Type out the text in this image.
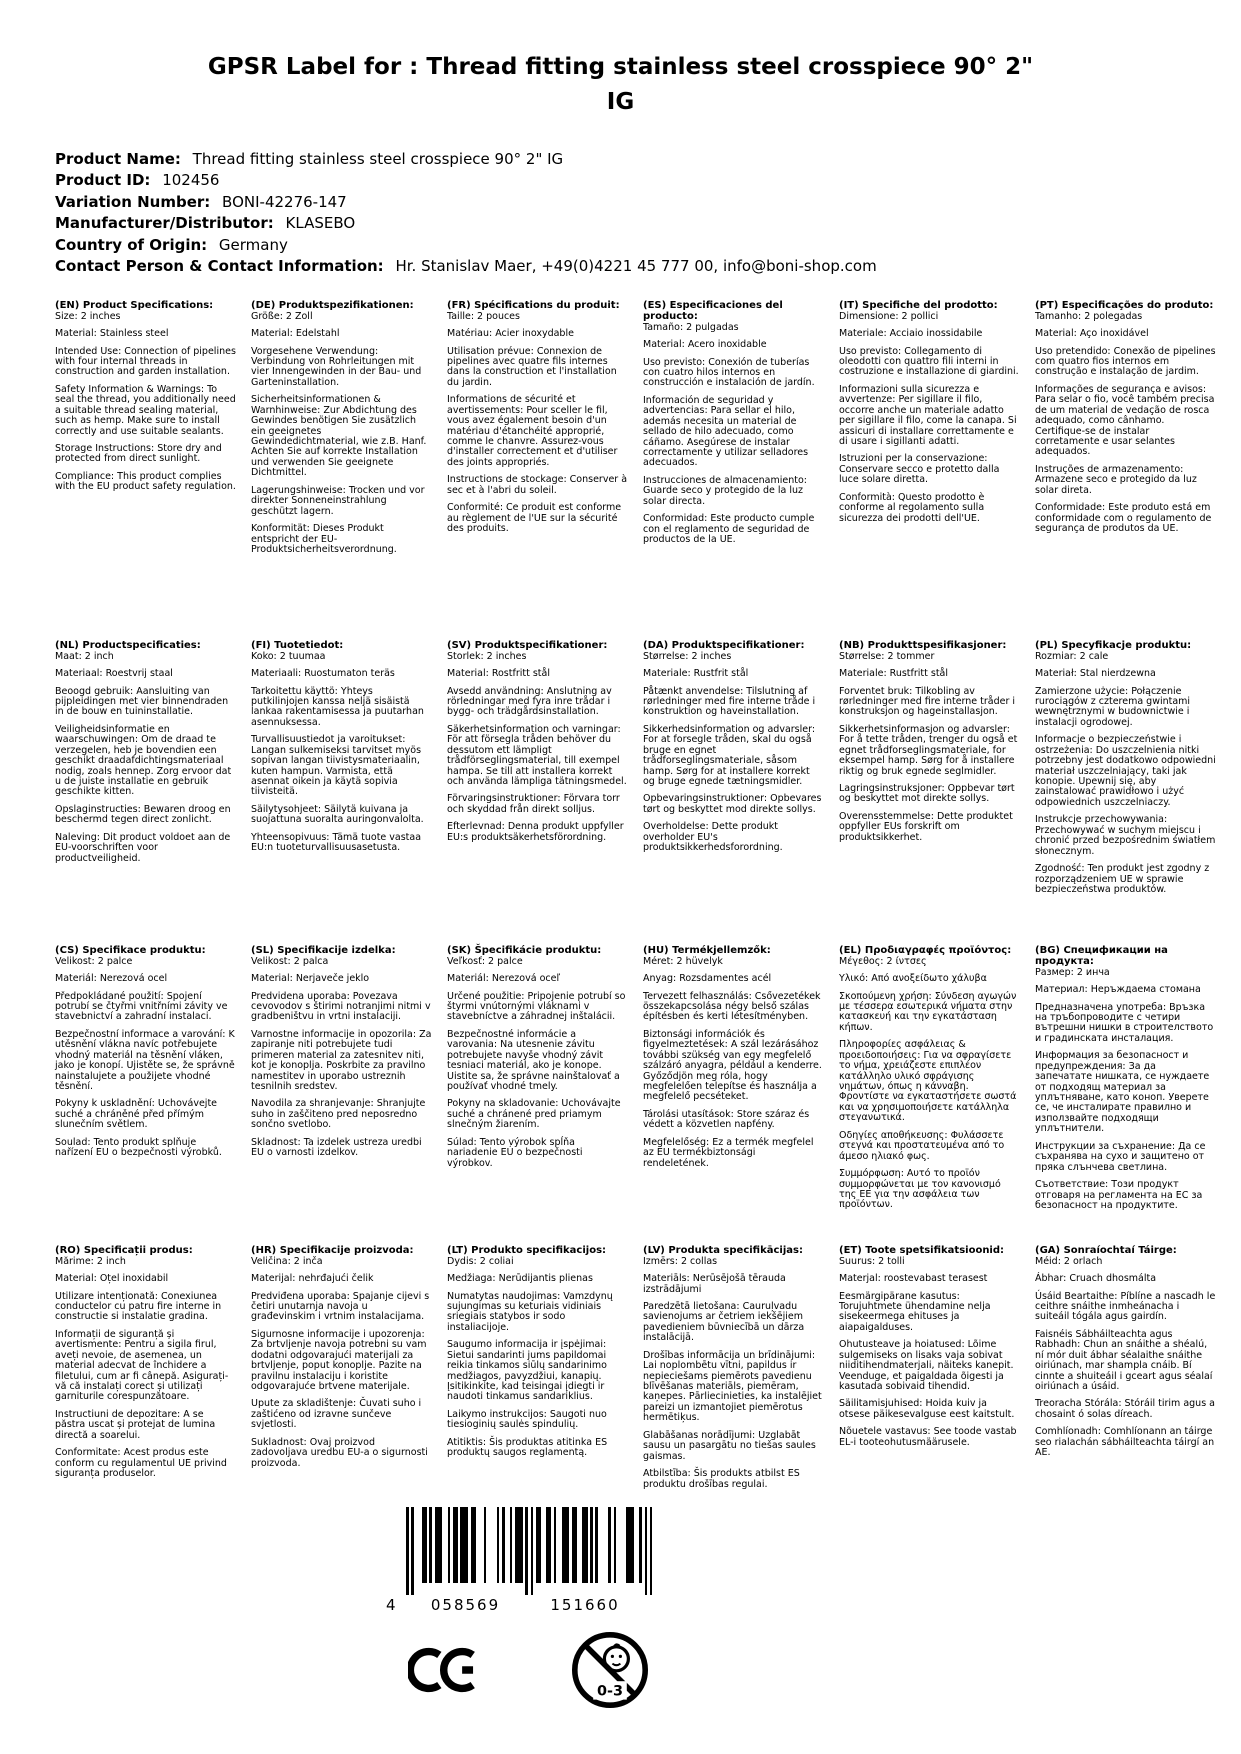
GPSR Label for : Thread fitting stainless steel crosspiece 90° 2" IG
Product Name: Thread fitting stainless steel crosspiece 90° 2" IG
Product ID: 102456
Variation Number: BONI-42276-147
Manufacturer/Distributor: KLASEBO
Country of Origin: Germany
Contact Person & Contact Information: Hr. Stanislav Maer, +49(0)4221 45 777 00, info@boni-shop.com

(EN) Product Specifications:

Size: 2 inches

Material: Stainless steel

Intended Use: Connection of pipelines with four internal threads in construction and garden installation.

Safety Information & Warnings: To seal the thread, you additionally need a suitable thread sealing material, such as hemp. Make sure to install correctly and use suitable sealants.

Storage Instructions: Store dry and protected from direct sunlight.

Compliance: This product complies with the EU product safety regulation.

(DE) Produktspezifikationen:

Größe: 2 Zoll

Material: Edelstahl

Vorgesehene Verwendung: Verbindung von Rohrleitungen mit vier Innengewinden in der Bau- und Garteninstallation.

Sicherheitsinformationen & Warnhinweise: Zur Abdichtung des Gewindes benötigen Sie zusätzlich ein geeignetes Gewindedichtmaterial, wie z.B. Hanf. Achten Sie auf korrekte Installation und verwenden Sie geeignete Dichtmittel.

Lagerungshinweise: Trocken und vor direkter Sonneneinstrahlung geschützt lagern.

Konformität: Dieses Produkt entspricht der EU-Produktsicherheitsverordnung.

(FR) Spécifications du produit:

Taille: 2 pouces

Matériau: Acier inoxydable

Utilisation prévue: Connexion de pipelines avec quatre fils internes dans la construction et l'installation du jardin.

Informations de sécurité et avertissements: Pour sceller le fil, vous avez également besoin d'un matériau d'étanchéité approprié, comme le chanvre. Assurez-vous d'installer correctement et d'utiliser des joints appropriés.

Instructions de stockage: Conserver à sec et à l'abri du soleil.

Conformité: Ce produit est conforme au règlement de l'UE sur la sécurité des produits.

(ES) Especificaciones del producto:

Tamaño: 2 pulgadas

Material: Acero inoxidable

Uso previsto: Conexión de tuberías con cuatro hilos internos en construcción e instalación de jardín.

Información de seguridad y advertencias: Para sellar el hilo, además necesita un material de sellado de hilo adecuado, como cáñamo. Asegúrese de instalar correctamente y utilizar selladores adecuados.

Instrucciones de almacenamiento: Guarde seco y protegido de la luz solar directa.

Conformidad: Este producto cumple con el reglamento de seguridad de productos de la UE.

(IT) Specifiche del prodotto:

Dimensione: 2 pollici

Materiale: Acciaio inossidabile

Uso previsto: Collegamento di oleodotti con quattro fili interni in costruzione e installazione di giardini.

Informazioni sulla sicurezza e avvertenze: Per sigillare il filo, occorre anche un materiale adatto per sigillare il filo, come la canapa. Si assicuri di installare correttamente e di usare i sigillanti adatti.

Istruzioni per la conservazione: Conservare secco e protetto dalla luce solare diretta.

Conformità: Questo prodotto è conforme al regolamento sulla sicurezza dei prodotti dell'UE.

(PT) Especificações do produto:

Tamanho: 2 polegadas

Material: Aço inoxidável

Uso pretendido: Conexão de pipelines com quatro fios internos em construção e instalação de jardim.

Informações de segurança e avisos: Para selar o fio, você também precisa de um material de vedação de rosca adequado, como cânhamo. Certifique-se de instalar corretamente e usar selantes adequados.

Instruções de armazenamento: Armazene seco e protegido da luz solar direta.

Conformidade: Este produto está em conformidade com o regulamento de segurança de produtos da UE.

(NL) Productspecificaties:

Maat: 2 inch

Materiaal: Roestvrij staal

Beoogd gebruik: Aansluiting van pijpleidingen met vier binnendraden in de bouw en tuininstallatie.

Veiligheidsinformatie en waarschuwingen: Om de draad te verzegelen, heb je bovendien een geschikt draadafdichtingsmateriaal nodig, zoals hennep. Zorg ervoor dat u de juiste installatie en gebruik geschikte kitten.

Opslaginstructies: Bewaren droog en beschermd tegen direct zonlicht.

Naleving: Dit product voldoet aan de EU-voorschriften voor productveiligheid.

(FI) Tuotetiedot:

Koko: 2 tuumaa

Materiaali: Ruostumaton teräs

Tarkoitettu käyttö: Yhteys putkilinjojen kanssa neljä sisäistä lankaa rakentamisessa ja puutarhan asennuksessa.

Turvallisuustiedot ja varoitukset: Langan sulkemiseksi tarvitset myös sopivan langan tiivistysmateriaalin, kuten hampun. Varmista, että asennat oikein ja käytä sopivia tiivisteitä.

Säilytysohjeet: Säilytä kuivana ja suojattuna suoralta auringonvalolta.

Yhteensopivuus: Tämä tuote vastaa EU:n tuoteturvallisuusasetusta.

(SV) Produktspecifikationer:

Storlek: 2 inches

Material: Rostfritt stål

Avsedd användning: Anslutning av rörledningar med fyra inre trådar i bygg- och trädgårdsinstallation.

Säkerhetsinformation och varningar: För att försegla tråden behöver du dessutom ett lämpligt trådförseglingsmaterial, till exempel hampa. Se till att installera korrekt och använda lämpliga tätningsmedel.

Förvaringsinstruktioner: Förvara torr och skyddad från direkt solljus.

Efterlevnad: Denna produkt uppfyller EU:s produktsäkerhetsförordning.

(DA) Produktspecifikationer:

Størrelse: 2 inches

Materiale: Rustfrit stål

Påtænkt anvendelse: Tilslutning af rørledninger med fire interne tråde i konstruktion og haveinstallation.

Sikkerhedsinformation og advarsler: For at forsegle tråden, skal du også bruge en egnet trådforseglingsmateriale, såsom hamp. Sørg for at installere korrekt og bruge egnede tætningsmidler.

Opbevaringsinstruktioner: Opbevares tørt og beskyttet mod direkte sollys.

Overholdelse: Dette produkt overholder EU's produktsikkerhedsforordning.

(NB) Produkttspesifikasjoner:

Størrelse: 2 tommer

Materiale: Rustfritt stål

Forventet bruk: Tilkobling av rørledninger med fire interne tråder i konstruksjon og hageinstallasjon.

Sikkerhetsinformasjon og advarsler: For å tette tråden, trenger du også et egnet trådforseglingsmateriale, for eksempel hamp. Sørg for å installere riktig og bruk egnede seglmidler.

Lagringsinstruksjoner: Oppbevar tørt og beskyttet mot direkte sollys.

Overensstemmelse: Dette produktet oppfyller EUs forskrift om produktsikkerhet.

(PL) Specyfikacje produktu:

Rozmiar: 2 cale

Materiał: Stal nierdzewna

Zamierzone użycie: Połączenie rurociągów z czterema gwintami wewnętrznymi w budownictwie i instalacji ogrodowej.

Informacje o bezpieczeństwie i ostrzeżenia: Do uszczelnienia nitki potrzebny jest dodatkowo odpowiedni materiał uszczelniający, taki jak konopie. Upewnij się, aby zainstalować prawidłowo i użyć odpowiednich uszczelniaczy.

Instrukcje przechowywania: Przechowywać w suchym miejscu i chronić przed bezpośrednim światłem słonecznym.

Zgodność: Ten produkt jest zgodny z rozporządzeniem UE w sprawie bezpieczeństwa produktów.

(CS) Specifikace produktu:

Velikost: 2 palce

Materiál: Nerezová ocel

Předpokládané použití: Spojení potrubí se čtyřmi vnitřními závity ve stavebnictví a zahradní instalaci.

Bezpečnostní informace a varování: K utěsnění vlákna navíc potřebujete vhodný materiál na těsnění vláken, jako je konopí. Ujistěte se, že správně nainstalujete a použijete vhodné těsnění.

Pokyny k uskladnění: Uchovávejte suché a chráněné před přímým slunečním světlem.

Soulad: Tento produkt splňuje nařízení EU o bezpečnosti výrobků.

(SL) Specifikacije izdelka:

Velikost: 2 palca

Material: Nerjaveče jeklo

Predvidena uporaba: Povezava cevovodov s štirimi notranjimi nitmi v gradbeništvu in vrtni instalaciji.

Varnostne informacije in opozorila: Za zapiranje niti potrebujete tudi primeren material za zatesnitev niti, kot je konoplja. Poskrbite za pravilno namestitev in uporabo ustreznih tesnilnih sredstev.

Navodila za shranjevanje: Shranjujte suho in zaščiteno pred neposredno sončno svetlobo.

Skladnost: Ta izdelek ustreza uredbi EU o varnosti izdelkov.

(SK) Špecifikácie produktu:

Veľkosť: 2 palce

Materiál: Nerezová oceľ

Určené použitie: Pripojenie potrubí so štyrmi vnútornými vláknami v stavebníctve a záhradnej inštalácii.

Bezpečnostné informácie a varovania: Na utesnenie závitu potrebujete navyše vhodný závit tesniaci materiál, ako je konope. Uistite sa, že správne nainštalovať a používať vhodné tmely.

Pokyny na skladovanie: Uchovávajte suché a chránené pred priamym slnečným žiarením.

Súlad: Tento výrobok spĺňa nariadenie EÚ o bezpečnosti výrobkov.

(HU) Termékjellemzők:

Méret: 2 hüvelyk

Anyag: Rozsdamentes acél

Tervezett felhasználás: Csővezetékek összekapcsolása négy belső szálas építésben és kerti létesítményben.

Biztonsági információk és figyelmeztetések: A szál lezárásához további szükség van egy megfelelő szálzáró anyagra, például a kenderre. Győződjön meg róla, hogy megfelelően telepítse és használja a megfelelő pecséteket.

Tárolási utasítások: Store száraz és védett a közvetlen napfény.

Megfelelőség: Ez a termék megfelel az EU termékbiztonsági rendeletének.

(EL) Προδιαγραφές προϊόντος:

Μέγεθος: 2 ίντσες

Υλικό: Από ανοξείδωτο χάλυβα

Σκοπούμενη χρήση: Σύνδεση αγωγών με τέσσερα εσωτερικά νήματα στην κατασκευή και την εγκατάσταση κήπων.

Πληροφορίες ασφάλειας & προειδοποιήσεις: Για να σφραγίσετε το νήμα, χρειάζεστε επιπλέον κατάλληλο υλικό σφράγισης νημάτων, όπως η κάνναβη. Φροντίστε να εγκαταστήσετε σωστά και να χρησιμοποιήσετε κατάλληλα στεγανωτικά.

Οδηγίες αποθήκευσης: Φυλάσσετε στεγνά και προστατευμένα από το άμεσο ηλιακό φως.

Συμμόρφωση: Αυτό το προϊόν συμμορφώνεται με τον κανονισμό της ΕΕ για την ασφάλεια των προϊόντων.

(BG) Спецификации на продукта:

Размер: 2 инча

Материал: Неръждаема стомана

Предназначена употреба: Връзка на тръбопроводите с четири вътрешни нишки в строителството и градинската инсталация.

Информация за безопасност и предупреждения: За да запечатате нишката, се нуждаете от подходящ материал за уплътняване, като коноп. Уверете се, че инсталирате правилно и използвайте подходящи уплътнители.

Инструкции за съхранение: Да се съхранява на сухо и защитено от пряка слънчева светлина.

Съответствие: Този продукт отговаря на регламента на ЕС за безопасност на продуктите.

(RO) Specificații produs:

Mărime: 2 inch

Material: Oțel inoxidabil

Utilizare intenționată: Conexiunea conductelor cu patru fire interne in constructie si instalatie gradina.

Informații de siguranță și avertismente: Pentru a sigila firul, aveți nevoie, de asemenea, un material adecvat de închidere a filetului, cum ar fi cânepă. Asigurați-vă că instalați corect și utilizați garniturile corespunzătoare.

Instructiuni de depozitare: A se păstra uscat și protejat de lumina directă a soarelui.

Conformitate: Acest produs este conform cu regulamentul UE privind siguranța produselor.

(HR) Specifikacije proizvoda:

Veličina: 2 inča

Materijal: nehrđajući čelik

Predviđena uporaba: Spajanje cijevi s četiri unutarnja navoja u građevinskim i vrtnim instalacijama.

Sigurnosne informacije i upozorenja: Za brtvljenje navoja potrebni su vam dodatni odgovarajući materijali za brtvljenje, poput konoplje. Pazite na pravilnu instalaciju i koristite odgovarajuće brtvene materijale.

Upute za skladištenje: Čuvati suho i zaštićeno od izravne sunčeve svjetlosti.

Sukladnost: Ovaj proizvod zadovoljava uredbu EU-a o sigurnosti proizvoda.

(LT) Produkto specifikacijos:

Dydis: 2 coliai

Medžiaga: Nerūdijantis plienas

Numatytas naudojimas: Vamzdynų sujungimas su keturiais vidiniais sriegiais statybos ir sodo instaliacijoje.

Saugumo informacija ir įspėjimai: Sietui sandarinti jums papildomai reikia tinkamos siūlų sandarinimo medžiagos, pavyzdžiui, kanapių. Įsitikinkite, kad teisingai įdiegti ir naudoti tinkamus sandariklius.

Laikymo instrukcijos: Saugoti nuo tiesioginių saulės spindulių.

Atitiktis: Šis produktas atitinka ES produktų saugos reglamentą.

(LV) Produkta specifikācijas:

Izmērs: 2 collas

Materiāls: Nerūsējošā tērauda izstrādājumi

Paredzētā lietošana: Cauruļvadu savienojums ar četriem iekšējiem pavedieniem būvniecībā un dārza instalācijā.

Drošības informācija un brīdinājumi: Lai noplombētu vītni, papildus ir nepieciešams piemērots pavedienu blīvēšanas materiāls, piemēram, kaņepes. Pārliecinieties, ka instalējiet pareizi un izmantojiet piemērotus hermētiķus.

Glabāšanas norādījumi: Uzglabāt sausu un pasargātu no tiešas saules gaismas.

Atbilstība: Šis produkts atbilst ES produktu drošības regulai.

(ET) Toote spetsifikatsioonid:

Suurus: 2 tolli

Materjal: roostevabast terasest

Eesmärgipärane kasutus: Torujuhtmete ühendamine nelja sisekeermega ehituses ja aiapaigalduses.

Ohutusteave ja hoiatused: Lõime sulgemiseks on lisaks vaja sobivat niiditihendmaterjali, näiteks kanepit. Veenduge, et paigaldada õigesti ja kasutada sobivaid tihendid.

Säilitamisjuhised: Hoida kuiv ja otsese päikesevalguse eest kaitstult.

Nõuetele vastavus: See toode vastab EL-i tooteohutusmäärusele.

(GA) Sonraíochtaí Táirge:

Méid: 2 orlach

Ábhar: Cruach dhosmálta

Úsáid Beartaithe: Píblíne a nascadh le ceithre snáithe inmheánacha i suiteáil tógála agus gairdín.

Faisnéis Sábháilteachta agus Rabhadh: Chun an snáithe a shéalú, ní mór duit ábhar séalaithe snáithe oiriúnach, mar shampla cnáib. Bí cinnte a shuiteáil i gceart agus séalaí oiriúnach a úsáid.

Treoracha Stórála: Stóráil tirim agus a chosaint ó solas díreach.

Comhlíonadh: Comhlíonann an táirge seo rialachán sábháilteachta táirgí an AE.

4	058569	151660
0-3
